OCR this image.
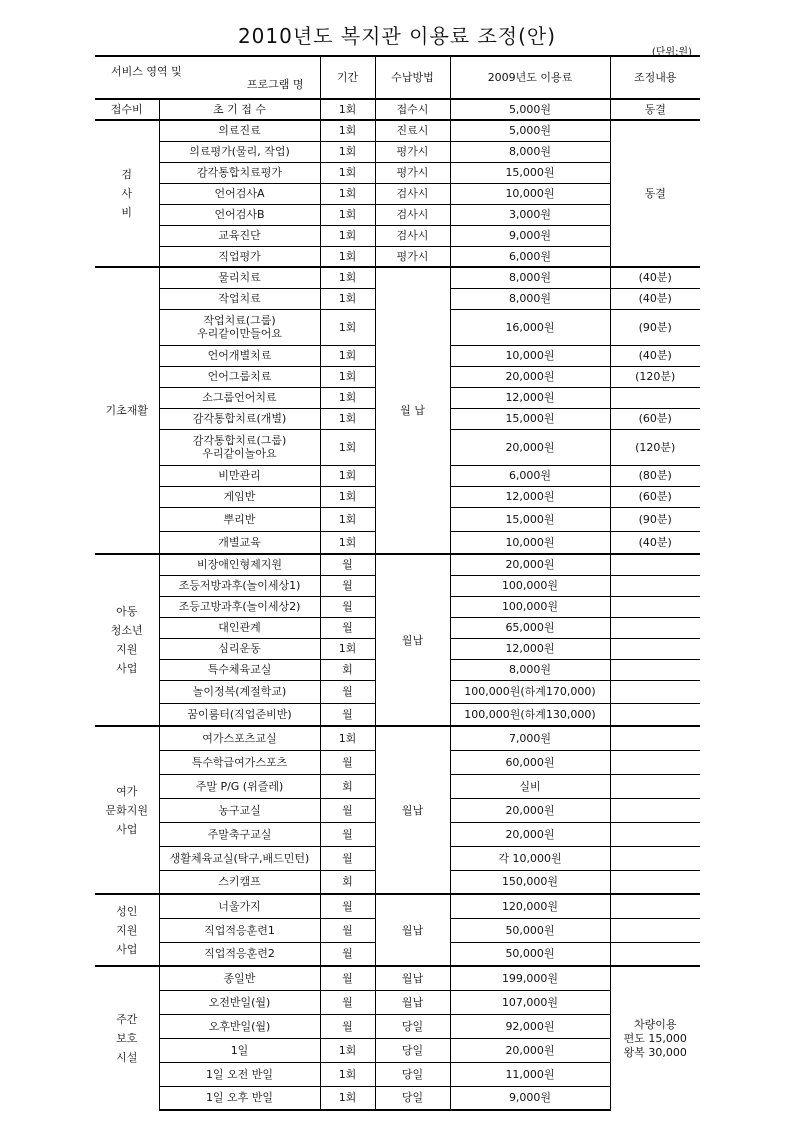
2010년도 복지관 이용료 조정(안)
(단위:원)
서비스 영역 및
프로그램 명		기간	수납방법	2009년도 이용료	조정내용
접수비	초 기 접 수	1회	접수시	5,000원	동결
검
사
비	의료진료	1회	진료시	5,000원	동결
	의료평가(물리, 작업)	1회	평가시	8,000원	
	감각통합치료평가	1회	평가시	15,000원	
	언어검사A	1회	검사시	10,000원	
	언어검사B	1회	검사시	3,000원	
	교육진단	1회	검사시	9,000원	
	직업평가	1회	평가시	6,000원	
기초재활	물리치료	1회	월 납	8,000원	(40분)
	작업치료	1회		8,000원	(40분)
	작업치료(그룹)
우리같이만들어요	1회		16,000원	(90분)
	언어개별치료	1회		10,000원	(40분)
	언어그룹치료	1회		20,000원	(120분)
	소그룹언어치료	1회		12,000원	
	감각통합치료(개별)	1회		15,000원	(60분)
	감각통합치료(그룹)
우리같이놀아요	1회		20,000원	(120분)
	비만관리	1회		6,000원	(80분)
	게임반	1회		12,000원	(60분)
	뿌리반	1회		15,000원	(90분)
	개별교육	1회		10,000원	(40분)
아동
청소년
지원
사업	비장애인형제지원	월	월납	20,000원	
	조등저방과후(놀이세상1)	월		100,000원	
	조등고방과후(놀이세상2)	월		100,000원	
	대인관계	월		65,000원	
	심리운동	1회		12,000원	
	특수체육교실	회		8,000원	
	놀이정복(계절학교)	월		100,000원(하계170,000)	
	꿈이룸터(직업준비반)	월		100,000원(하계130,000)	
여가
문화지원
사업	여가스포츠교실	1회	월납	7,000원	
	특수학급여가스포츠	월		60,000원	
	주말 P/G (위즐레)	회		실비	
	농구교실	월		20,000원	
	주말축구교실	월		20,000원	
	생활체육교실(탁구,배드민턴)	월		각 10,000원	
	스키캠프	회		150,000원	
성인
지원
사업	너울가지	월	월납	120,000원	
	직업적응훈련1	월		50,000원	
	직업적응훈련2	월		50,000원	
주간
보호
시설	종일반	월	월납	199,000원	차량이용
편도 15,000
왕복 30,000
	오전반일(월)	월	월납	107,000원	
	오후반일(월)	월	당일	92,000원	
	1일	1회	당일	20,000원	
	1일 오전 반일	1회	당일	11,000원	
	1일 오후 반일	1회	당일	9,000원	
